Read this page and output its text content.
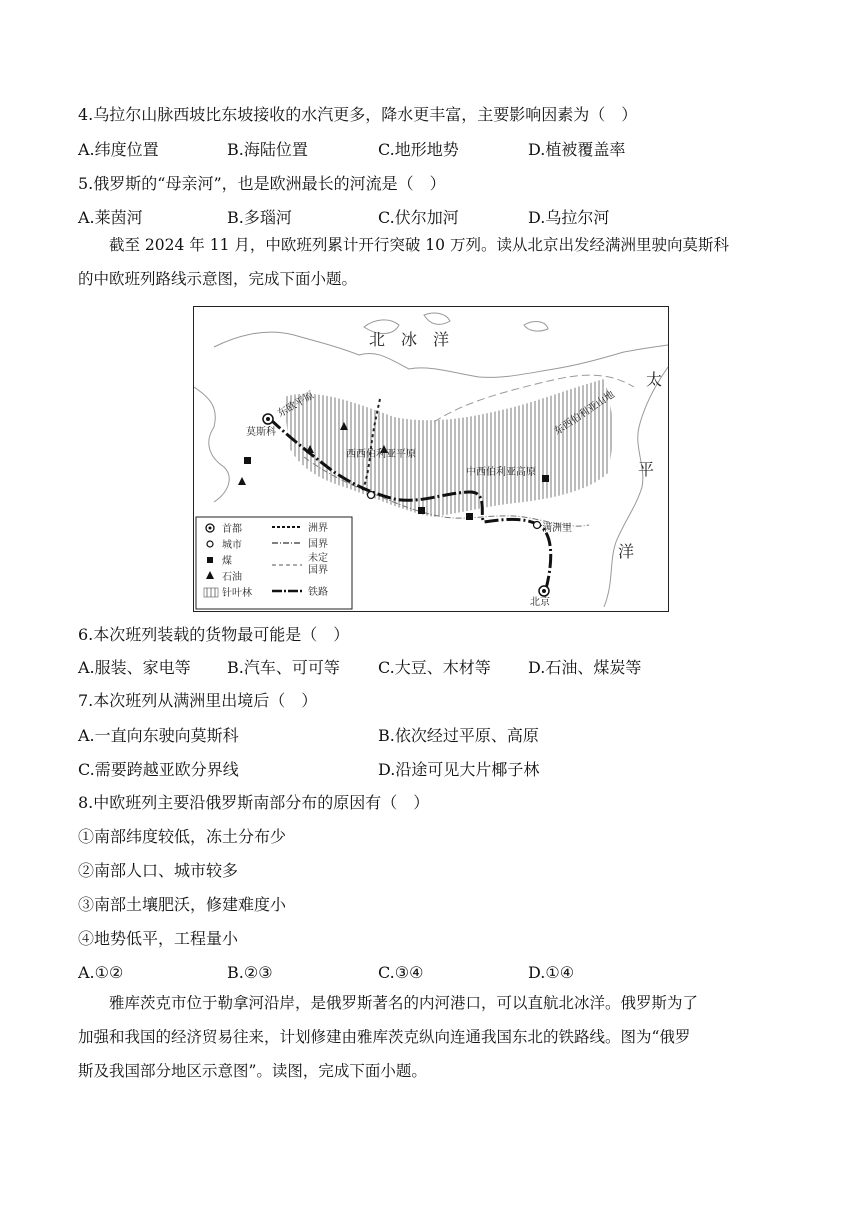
4.乌拉尔山脉西坡比东坡接收的水汽更多，降水更丰富，主要影响因素为（　）
A.纬度位置	B.海陆位置	C.地形地势	D.植被覆盖率
5.俄罗斯的“母亲河”，也是欧洲最长的河流是（　）
A.莱茵河	B.多瑙河	C.伏尔加河	D.乌拉尔河
截至 2024 年 11 月，中欧班列累计开行突破 10 万列。读从北京出发经满洲里驶向莫斯科
的中欧班列路线示意图，完成下面小题。
北　冰　洋
太
平
洋
西西伯利亚平原
中西伯利亚高原
东西伯利亚山地
东欧平原
莫斯科
满洲里
北京
首都
城市
煤
石油
针叶林
洲界
国界
未定
国界
铁路
6.本次班列装载的货物最可能是（　）
A.服装、家电等 B.汽车、可可等 C.大豆、木材等 D.石油、煤炭等
7.本次班列从满洲里出境后（　）
A.一直向东驶向莫斯科	B.依次经过平原、高原
C.需要跨越亚欧分界线	D.沿途可见大片椰子林
8.中欧班列主要沿俄罗斯南部分布的原因有（　）
①南部纬度较低，冻土分布少
②南部人口、城市较多
③南部土壤肥沃，修建难度小
④地势低平，工程量小
A.①②	B.②③	C.③④	D.①④
雅库茨克市位于勒拿河沿岸，是俄罗斯著名的内河港口，可以直航北冰洋。俄罗斯为了
加强和我国的经济贸易往来，计划修建由雅库茨克纵向连通我国东北的铁路线。图为“俄罗
斯及我国部分地区示意图”。读图，完成下面小题。
